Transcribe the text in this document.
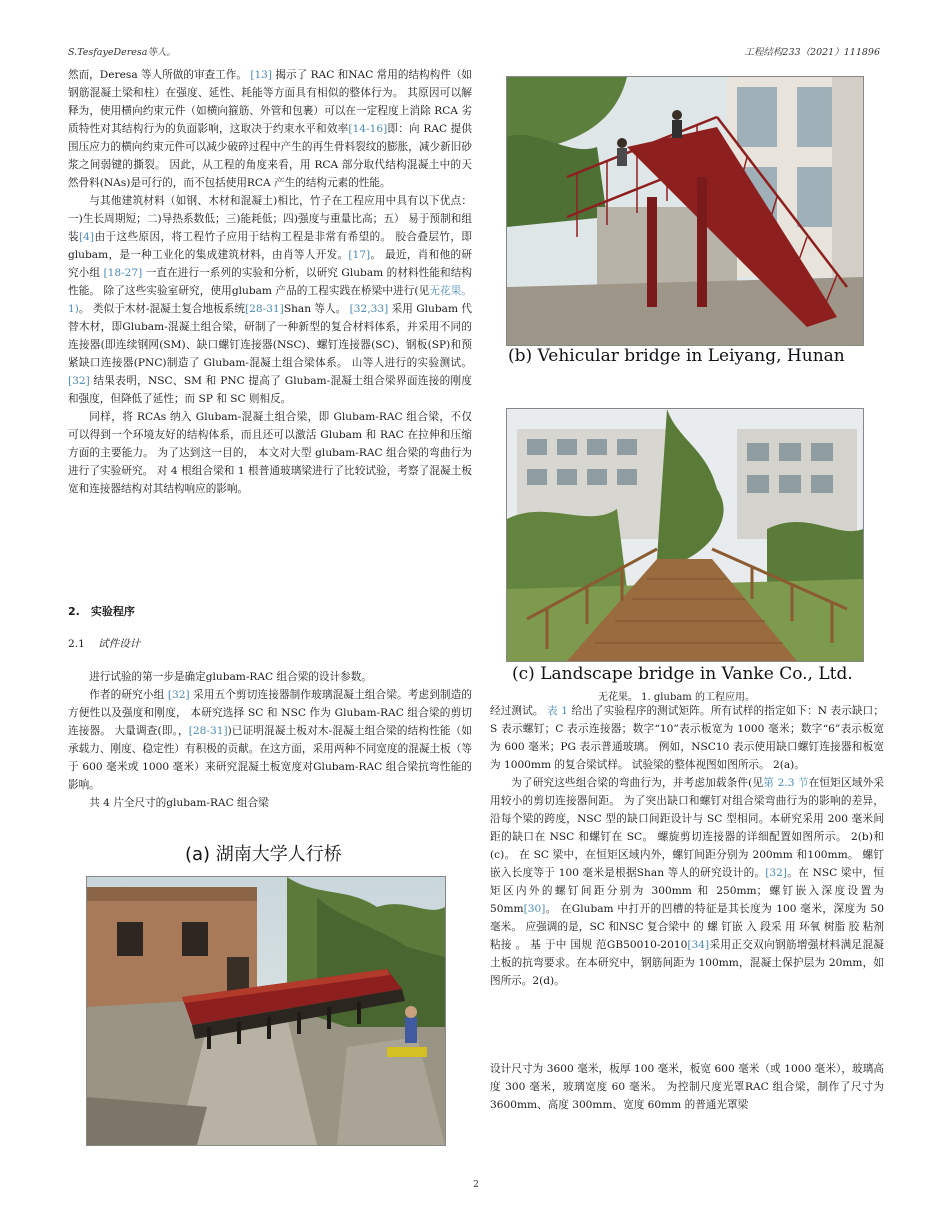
S.TesfayeDeresa等人。	工程结构233（2021）111896

然而，Deresa 等人所做的审查工作。 [13] 揭示了 RAC 和NAC 常用的结构构件（如钢筋混凝土梁和柱）在强度、延性、耗能等方面具有相似的整体行为。 其原因可以解释为，使用横向约束元件（如横向箍筋、外管和包裹）可以在一定程度上消除 RCA 劣质特性对其结构行为的负面影响，这取决于约束水平和效率[14-16]即：向 RAC 提供围压应力的横向约束元件可以减少破碎过程中产生的再生骨料裂纹的膨胀，减少新旧砂浆之间弱键的撕裂。 因此，从工程的角度来看，用 RCA 部分取代结构混凝土中的天然骨料(NAs)是可行的，而不包括使用RCA 产生的结构元素的性能。

与其他建筑材料（如钢、木材和混凝土)相比，竹子在工程应用中具有以下优点：一)生长周期短；二)导热系数低；三)能耗低；四)强度与重量比高；五） 易于预制和组装[4]由于这些原因，将工程竹子应用于结构工程是非常有希望的。 胶合叠层竹，即 glubam，是一种工业化的集成建筑材料，由肖等人开发。[17]。 最近，肖和他的研究小组 [18-27] 一直在进行一系列的实验和分析，以研究 Glubam 的材料性能和结构性能。 除了这些实验室研究，使用glubam 产品的工程实践在桥梁中进行(见无花果。 1)。 类似于木材-混凝土复合地板系统[28-31]Shan 等人。 [32,33] 采用 Glubam 代替木材，即Glubam-混凝土组合梁，研制了一种新型的复合材料体系，并采用不同的连接器(即连续钢网(SM)、缺口螺钉连接器(NSC)、螺钉连接器(SC)、钢板(SP)和预紧缺口连接器(PNC)制造了 Glubam-混凝土组合梁体系。 山等人进行的实验测试。 [32] 结果表明，NSC、SM 和 PNC 提高了 Glubam-混凝土组合梁界面连接的刚度和强度，但降低了延性；而 SP 和 SC 则相反。

同样，将 RCAs 纳入 Glubam-混凝土组合梁，即 Glubam-RAC 组合梁，不仅可以得到一个环境友好的结构体系，而且还可以激活 Glubam 和 RAC 在拉伸和压缩方面的主要能力。 为了达到这一目的， 本文对大型 glubam-RAC 组合梁的弯曲行为进行了实验研究。 对 4 根组合梁和 1 根普通玻璃梁进行了比较试验，考察了混凝土板宽和连接器结构对其结构响应的影响。

2.　实验程序
2.1 试件设计

进行试验的第一步是确定glubam-RAC 组合梁的设计参数。

作者的研究小组 [32] 采用五个剪切连接器制作玻璃混凝土组合梁。考虑到制造的方便性以及强度和刚度， 本研究选择 SC 和 NSC 作为 Glubam-RAC 组合梁的剪切连接器。 大量调查(即。，[28-31])已证明混凝土板对木-混凝土组合梁的结构性能（如承载力、刚度、稳定性）有积极的贡献。在这方面，采用两种不同宽度的混凝土板（等于 600 毫米或 1000 毫米）来研究混凝土板宽度对Glubam-RAC 组合梁抗弯性能的影响。

共 4 片全尺寸的glubam-RAC 组合梁

(a) 湖南大学人行桥
(b) Vehicular bridge in Leiyang, Hunan
(c) Landscape bridge in Vanke Co., Ltd.
无花果。 1. glubam 的工程应用。

经过测试。 表 1 给出了实验程序的测试矩阵。所有试样的指定如下：N 表示缺口；S 表示螺钉；C 表示连接器；数字“10”表示板宽为 1000 毫米；数字“6”表示板宽为 600 毫米；PG 表示普通玻璃。 例如，NSC10 表示使用缺口螺钉连接器和板宽为 1000mm 的复合梁试样。 试验梁的整体视图如图所示。 2(a)。

为了研究这些组合梁的弯曲行为，并考虑加载条件(见第 2.3 节在恒矩区域外采用较小的剪切连接器间距。 为了突出缺口和螺钉对组合梁弯曲行为的影响的差异，沿每个梁的跨度，NSC 型的缺口间距设计与 SC 型相同。本研究采用 200 毫米间距的缺口在 NSC 和螺钉在 SC。 螺旋剪切连接器的详细配置如图所示。 2(b)和(c)。 在 SC 梁中，在恒矩区域内外，螺钉间距分别为 200mm 和100mm。 螺钉嵌入长度等于 100 毫米是根据Shan 等人的研究设计的。[32]。在 NSC 梁中，恒矩区内外的螺钉间距分别为 300mm 和 250mm；螺钉嵌入深度设置为 50mm[30]。 在Glubam 中打开的凹槽的特征是其长度为 100 毫米，深度为 50 毫米。 应强调的是，SC 和NSC 复合梁中 的 螺 钉嵌 入 段采 用 环氧 树脂 胶 粘剂 粘接 。 基 于中 国规 范GB50010-2010[34]采用正交双向钢筋增强材料满足混凝土板的抗弯要求。在本研究中，钢筋间距为 100mm，混凝土保护层为 20mm，如图所示。2(d)。

设计尺寸为 3600 毫米，板厚 100 毫米，板宽 600 毫米（或 1000 毫米），玻璃高度 300 毫米，玻璃宽度 60 毫米。 为控制尺度光罩RAC 组合梁，制作了尺寸为 3600mm、高度 300mm、宽度 60mm 的普通光罩梁

2
